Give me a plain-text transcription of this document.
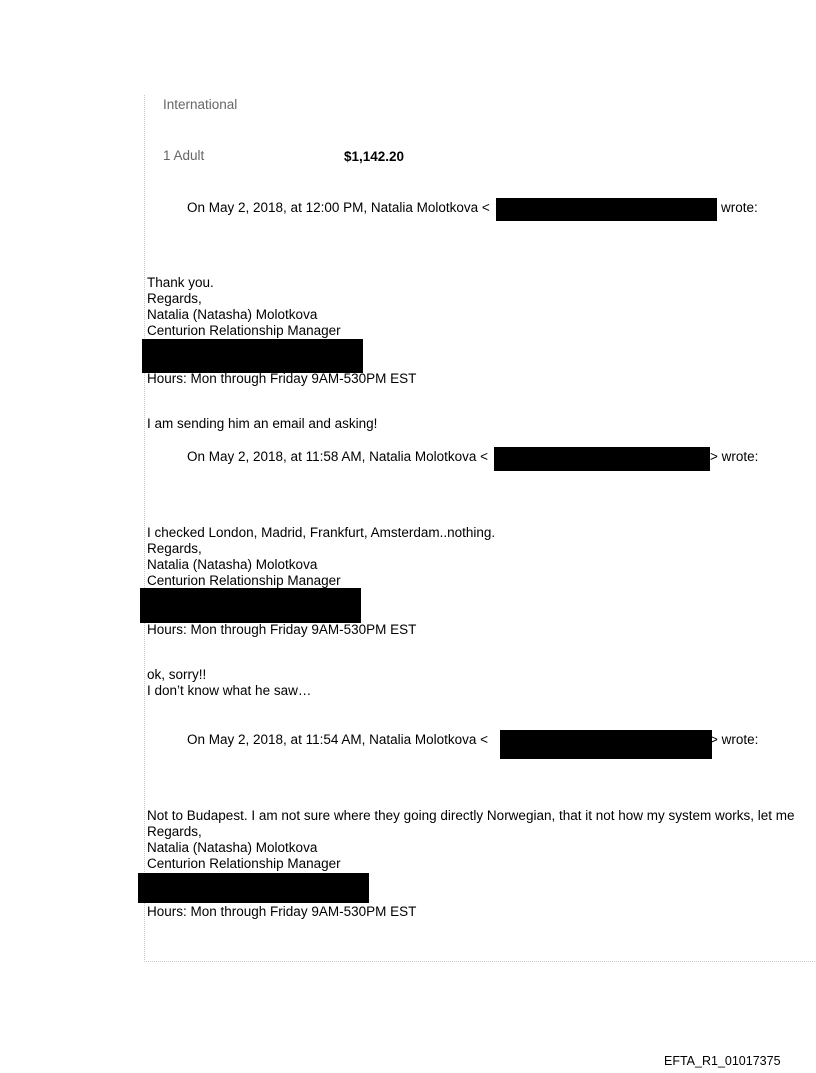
International
1 Adult	$1,142.20
On May 2, 2018, at 12:00 PM, Natalia Molotkova <	wrote:
Thank you.
Regards,
Natalia (Natasha) Molotkova
Centurion Relationship Manager
Hours: Mon through Friday 9AM-530PM EST
I am sending him an email and asking!
On May 2, 2018, at 11:58 AM, Natalia Molotkova <	> wrote:
I checked London, Madrid, Frankfurt, Amsterdam..nothing.
Regards,
Natalia (Natasha) Molotkova
Centurion Relationship Manager
Hours: Mon through Friday 9AM-530PM EST
ok, sorry!!
I don’t know what he saw…
On May 2, 2018, at 11:54 AM, Natalia Molotkova <	> wrote:
Not to Budapest. I am not sure where they going directly Norwegian, that it not how my system works, let me
Regards,
Natalia (Natasha) Molotkova
Centurion Relationship Manager
Hours: Mon through Friday 9AM-530PM EST
EFTA_R1_01017375
